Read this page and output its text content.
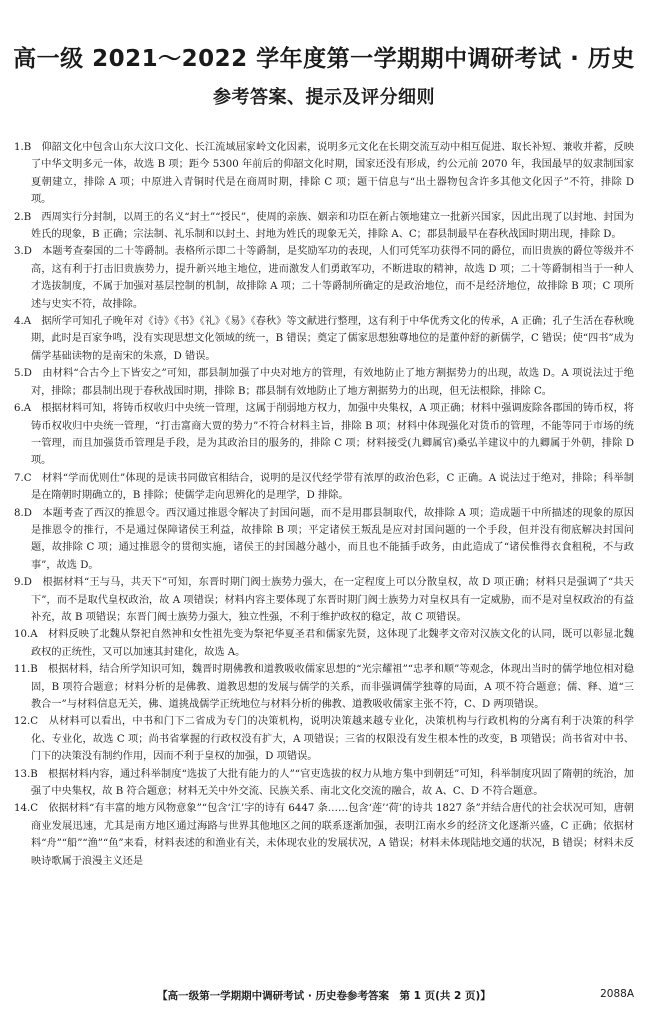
高一级 2021～2022 学年度第一学期期中调研考试 · 历史
参考答案、提示及评分细则

1.B　仰韶文化中包含山东大汶口文化、长江流域屈家岭文化因素，说明多元文化在长期交流互动中相互促进、取长补短、兼收并蓄，反映了中华文明多元一体，故选 B 项；距今 5300 年前后的仰韶文化时期，国家还没有形成，约公元前 2070 年，我国最早的奴隶制国家夏朝建立，排除 A 项；中原进入青铜时代是在商周时期，排除 C 项；题干信息与“出土器物包含许多其他文化因子”不符，排除 D 项。

2.B　西周实行分封制，以周王的名义“封土”“授民”，使周的亲族、姻亲和功臣在新占领地建立一批新兴国家，因此出现了以封地、封国为姓氏的现象，B 正确；宗法制、礼乐制和以封土、封地为姓氏的现象无关，排除 A、C；郡县制最早在春秋战国时期出现，排除 D。

3.D　本题考查秦国的二十等爵制。表格所示即二十等爵制，是奖励军功的表现，人们可凭军功获得不同的爵位，而旧贵族的爵位等级并不高，这有利于打击旧贵族势力，提升新兴地主地位，进而激发人们勇敢军功，不断进取的精神，故选 D 项；二十等爵制相当于一种人才选拔制度，不属于加强对基层控制的机制，故排除 A 项；二十等爵制所确定的是政治地位，而不是经济地位，故排除 B 项；C 项所述与史实不符，故排除。

4.A　据所学可知孔子晚年对《诗》《书》《礼》《易》《春秋》等文献进行整理，这有利于中华优秀文化的传承，A 正确；孔子生活在春秋晚期，此时是百家争鸣，没有实现思想文化领域的统一，B 错误；奠定了儒家思想独尊地位的是董仲舒的新儒学，C 错误；使“四书”成为儒学基础读物的是南宋的朱熹，D 错误。

5.D　由材料“合古今上下皆安之”可知，郡县制加强了中央对地方的管理，有效地防止了地方割据势力的出现，故选 D。A 项说法过于绝对，排除；郡县制出现于春秋战国时期，排除 B；郡县制有效地防止了地方割据势力的出现，但无法根除，排除 C。

6.A　根据材料可知，将铸币权收归中央统一管理，这属于削弱地方权力，加强中央集权，A 项正确；材料中强调废除各郡国的铸币权，将铸币权收归中央统一管理，“打击富商大贾的势力”不符合材料主旨，排除 B 项；材料中体现强化对货币的管理，不能等同于市场的统一管理，而且加强货币管理是手段，是为其政治目的服务的，排除 C 项；材料接受(九卿属官)桑弘羊建议中的九卿属于外朝，排除 D 项。

7.C　材料“学而优则仕”体现的是读书同做官相结合，说明的是汉代经学带有浓厚的政治色彩，C 正确。A 说法过于绝对，排除；科举制是在隋朝时期确立的，B 排除；使儒学走向思辨化的是理学，D 排除。

8.D　本题考查了西汉的推恩令。西汉通过推恩令解决了封国问题，而不是用郡县制取代，故排除 A 项；造成题干中所描述的现象的原因是推恩令的推行，不是通过保障诸侯王利益，故排除 B 项；平定诸侯王叛乱是应对封国问题的一个手段，但并没有彻底解决封国问题，故排除 C 项；通过推恩令的贯彻实施，诸侯王的封国越分越小，而且也不能插手政务，由此造成了“诸侯惟得衣食租税，不与政事”，故选 D。

9.D　根据材料“王与马，共天下”可知，东晋时期门阀士族势力强大，在一定程度上可以分散皇权，故 D 项正确；材料只是强调了“共天下”，而不是取代皇权政治，故 A 项错误；材料内容主要体现了东晋时期门阀士族势力对皇权具有一定威胁，而不是对皇权政治的有益补充，故 B 项错误；东晋门阀士族势力强大，独立性强，不利于维护政权的稳定，故 C 项错误。

10.A　材料反映了北魏从祭祀自然神和女性祖先变为祭祀华夏圣君和儒家先贤，这体现了北魏孝文帝对汉族文化的认同，既可以彰显北魏政权的正统性，又可以加速其封建化，故选 A。

11.B　根据材料，结合所学知识可知，魏晋时期佛教和道教吸收儒家思想的“光宗耀祖”“忠孝和顺”等观念，体现出当时的儒学地位相对稳固，B 项符合题意；材料分析的是佛教、道教思想的发展与儒学的关系，而非强调儒学独尊的局面，A 项不符合题意；儒、释、道“三教合一”与材料信息无关，佛、道挑战儒学正统地位与材料分析的佛教、道教吸收儒家主张不符，C、D 两项错误。

12.C　从材料可以看出，中书和门下二省成为专门的决策机构，说明决策越来越专业化，决策机构与行政机构的分离有利于决策的科学化、专业化，故选 C 项；尚书省掌握的行政权没有扩大，A 项错误；三省的权限没有发生根本性的改变，B 项错误；尚书省对中书、门下的决策没有制约作用，因而不利于皇权的加强，D 项错误。

13.B　根据材料内容，通过科举制度“选拔了大批有能力的人”“官吏选拔的权力从地方集中到朝廷”可知，科举制度巩固了隋朝的统治，加强了中央集权，故 B 符合题意；材料无关中外交流、民族关系、南北文化交流的融合，故 A、C、D 不符合题意。

14.C　依据材料“有丰富的地方风物意象”“包含‘江’字的诗有 6447 条……包含‘莲’‘荷’的诗共 1827 条”并结合唐代的社会状况可知，唐朝商业发展迅速，尤其是南方地区通过海路与世界其他地区之间的联系逐渐加强，表明江南水乡的经济文化逐渐兴盛，C 正确；依据材料“舟”“船”“渔”“鱼”来看，材料表述的和渔业有关，未体现农业的发展状况，A 错误；材料未体现陆地交通的状况，B 错误；材料未反映诗歌属于浪漫主义还是

【高一级第一学期期中调研考试 · 历史卷参考答案　第 1 页(共 2 页)】	2088A
